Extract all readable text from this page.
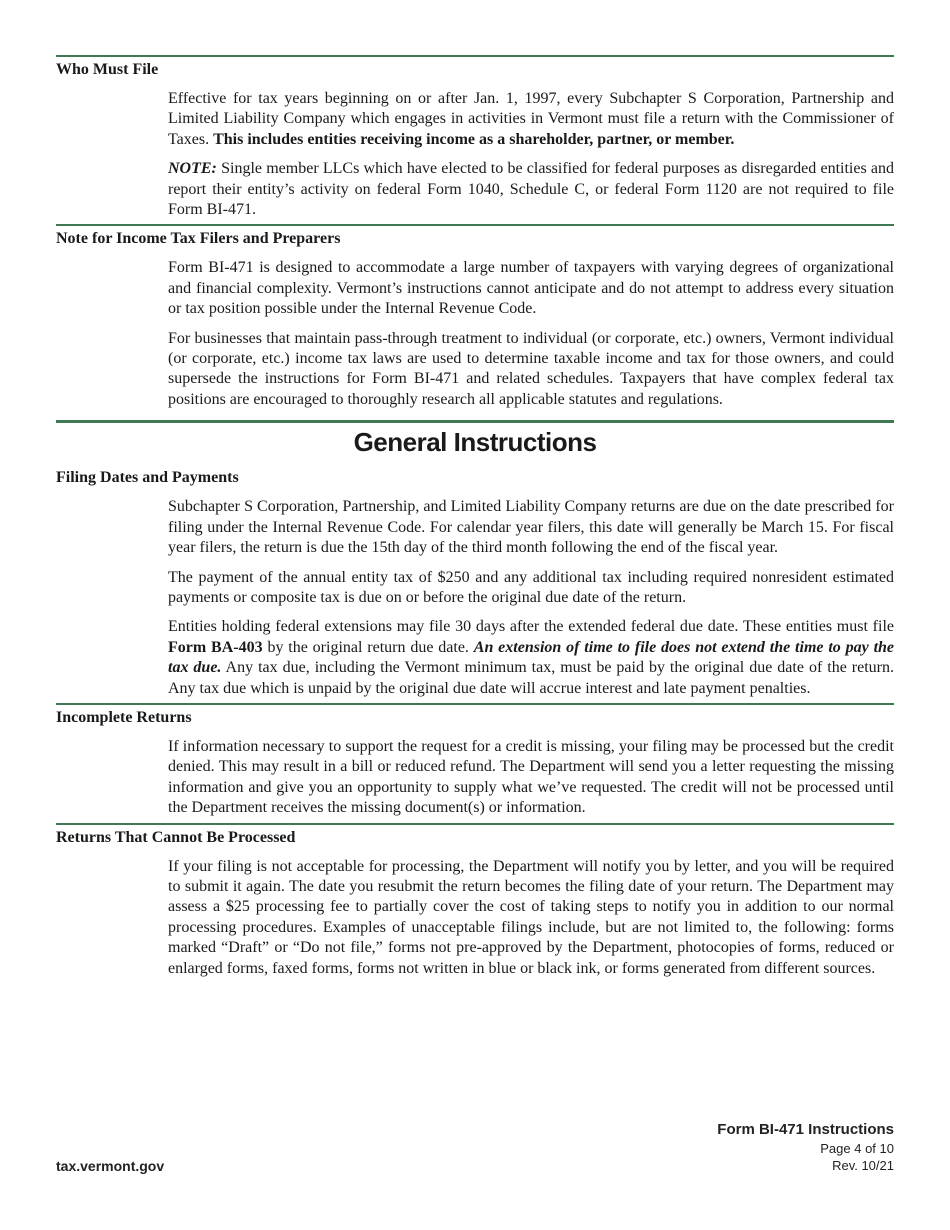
Who Must File

Effective for tax years beginning on or after Jan. 1, 1997, every Subchapter S Corporation, Partnership and Limited Liability Company which engages in activities in Vermont must file a return with the Commissioner of Taxes. This includes entities receiving income as a shareholder, partner, or member.

NOTE: Single member LLCs which have elected to be classified for federal purposes as disregarded entities and report their entity’s activity on federal Form 1040, Schedule C, or federal Form 1120 are not required to file Form BI-471.

Note for Income Tax Filers and Preparers

Form BI-471 is designed to accommodate a large number of taxpayers with varying degrees of organizational and financial complexity. Vermont’s instructions cannot anticipate and do not attempt to address every situation or tax position possible under the Internal Revenue Code.

For businesses that maintain pass-through treatment to individual (or corporate, etc.) owners, Vermont individual (or corporate, etc.) income tax laws are used to determine taxable income and tax for those owners, and could supersede the instructions for Form BI-471 and related schedules. Taxpayers that have complex federal tax positions are encouraged to thoroughly research all applicable statutes and regulations.

General Instructions
Filing Dates and Payments

Subchapter S Corporation, Partnership, and Limited Liability Company returns are due on the date prescribed for filing under the Internal Revenue Code. For calendar year filers, this date will generally be March 15. For fiscal year filers, the return is due the 15th day of the third month following the end of the fiscal year.

The payment of the annual entity tax of $250 and any additional tax including required nonresident estimated payments or composite tax is due on or before the original due date of the return.

Entities holding federal extensions may file 30 days after the extended federal due date. These entities must file Form BA-403 by the original return due date. An extension of time to file does not extend the time to pay the tax due. Any tax due, including the Vermont minimum tax, must be paid by the original due date of the return. Any tax due which is unpaid by the original due date will accrue interest and late payment penalties.

Incomplete Returns

If information necessary to support the request for a credit is missing, your filing may be processed but the credit denied. This may result in a bill or reduced refund. The Department will send you a letter requesting the missing information and give you an opportunity to supply what we’ve requested. The credit will not be processed until the Department receives the missing document(s) or information.

Returns That Cannot Be Processed

If your filing is not acceptable for processing, the Department will notify you by letter, and you will be required to submit it again. The date you resubmit the return becomes the filing date of your return. The Department may assess a $25 processing fee to partially cover the cost of taking steps to notify you in addition to our normal processing procedures. Examples of unacceptable filings include, but are not limited to, the following: forms marked “Draft” or “Do not file,” forms not pre-approved by the Department, photocopies of forms, reduced or enlarged forms, faxed forms, forms not written in blue or black ink, or forms generated from different sources.

tax.vermont.gov
Form BI-471 Instructions
Page 4 of 10
Rev. 10/21
